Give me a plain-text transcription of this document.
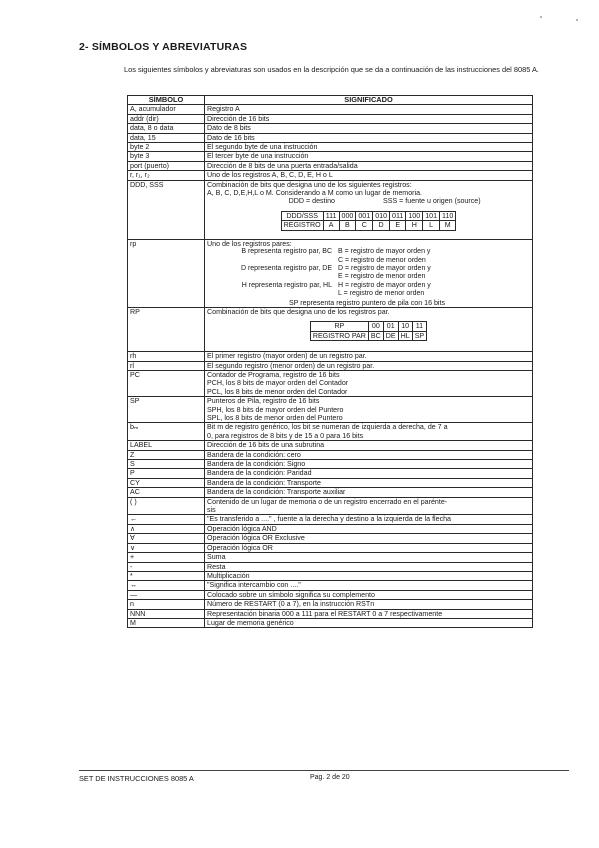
2- SÍMBOLOS Y ABREVIATURAS
Los siguientes símbolos y abreviaturas son usados en la descripción que se da a continuación de las instrucciones del 8085 A.
SÍMBOLO	SIGNIFICADO
A, acumulador	Registro A

addr (dir)	Dirección de 16 bits

data, 8 o data	Dato de 8 bits

data, 15	Dato de 16 bits

byte 2	El segundo byte de una instrucción

byte 3	El tercer byte de una instrucción

port (puerto)	Dirección de 8 bits de una puerta entrada/salida

r, r₁, r₂	Uno de los registros A, B, C, D, E, H o L

DDD, SSS	Combinación de bits que designa uno de los siguientes registros:
A, B, C, D,E,H,L o M. Considerando a M como un lugar de memoria.
DDD = destino	SSS = fuente u origen (source)
DDD/SSS	111	000	001	010	011	100	101	110
REGISTRO	A	B	C	D	E	H	L	M

rp	Uno de los registros pares:
B representa registro par, BC B = registro de mayor orden y
C = registro de menor orden
D representa registro par, DE D = registro de mayor orden y
E = registro de menor orden
H representa registro par, HL H = registro de mayor orden y
L = registro de menor orden
SP representa registro puntero de pila con 16 bits

RP	Combinación de bits que designa uno de los registros par.
RP	00	01	10	11
REGISTRO PAR	BC	DE	HL	SP

rh	El primer registro (mayor orden) de un registro par.

rl	El segundo registro (menor orden) de un registro par.

PC	Contador de Programa, registro de 16 bits
PCH, los 8 bits de mayor orden del Contador
PCL, los 8 bits de menor orden del Contador

SP	Punteros de Pila, registro de 16 bits
SPH, los 8 bits de mayor orden del Puntero
SPL, los 8 bits de menor orden del Puntero

bₘ	Bit m de registro genérico, los bit se numeran de izquierda a derecha, de 7 a
0, para registros de 8 bits y de 15 a 0 para 16 bits

LABEL	Dirección de 16 bits de una subrutina

Z	Bandera de la condición: cero

S	Bandera de la condición: Signo

P	Bandera de la condición: Paridad

CY	Bandera de la condición: Transporte

AC	Bandera de la condición: Transporte auxiliar

( )	Contenido de un lugar de memoria o de un registro encerrado en el parénte-
sis

←	"Es transferido a ...." , fuente a la derecha y destino a la izquierda de la flecha

∧	Operación lógica AND

∀	Operación lógica OR Exclusive

∨	Operación lógica OR

+	Suma

-	Resta

*	Multiplicación

↔	"Significa intercambio con ...."

—	Colocado sobre un símbolo significa su complemento

n	Número de RESTART (0 a 7), en la instrucción RSTn

NNN	Representación binaria 000 a 111 para el RESTART 0 a 7 respectivamente

M	Lugar de memoria genérico
SET DE INSTRUCCIONES 8085 A	Pag. 2 de 20
